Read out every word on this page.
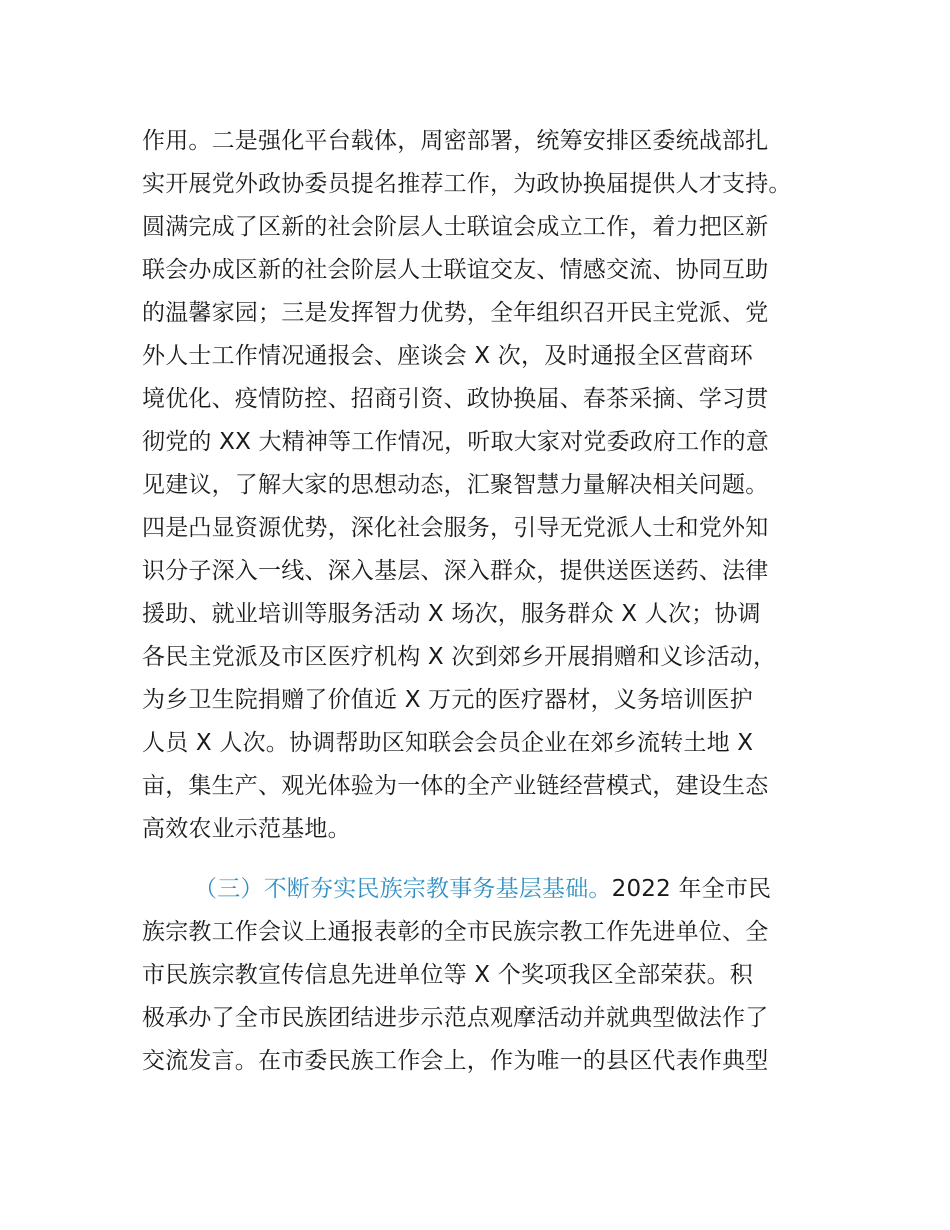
作用。二是强化平台载体，周密部署，统筹安排区委统战部扎
实开展党外政协委员提名推荐工作，为政协换届提供人才支持。
圆满完成了区新的社会阶层人士联谊会成立工作，着力把区新
联会办成区新的社会阶层人士联谊交友、情感交流、协同互助
的温馨家园；三是发挥智力优势，全年组织召开民主党派、党
外人士工作情况通报会、座谈会 X 次，及时通报全区营商环
境优化、疫情防控、招商引资、政协换届、春茶采摘、学习贯
彻党的 XX 大精神等工作情况，听取大家对党委政府工作的意
见建议，了解大家的思想动态，汇聚智慧力量解决相关问题。
四是凸显资源优势，深化社会服务，引导无党派人士和党外知
识分子深入一线、深入基层、深入群众，提供送医送药、法律
援助、就业培训等服务活动 X 场次，服务群众 X 人次；协调
各民主党派及市区医疗机构 X 次到郊乡开展捐赠和义诊活动，
为乡卫生院捐赠了价值近 X 万元的医疗器材，义务培训医护
人员 X 人次。协调帮助区知联会会员企业在郊乡流转土地 X
亩，集生产、观光体验为一体的全产业链经营模式，建设生态
高效农业示范基地。
（三）不断夯实民族宗教事务基层基础。2022 年全市民
族宗教工作会议上通报表彰的全市民族宗教工作先进单位、全
市民族宗教宣传信息先进单位等 X 个奖项我区全部荣获。积
极承办了全市民族团结进步示范点观摩活动并就典型做法作了
交流发言。在市委民族工作会上，作为唯一的县区代表作典型
